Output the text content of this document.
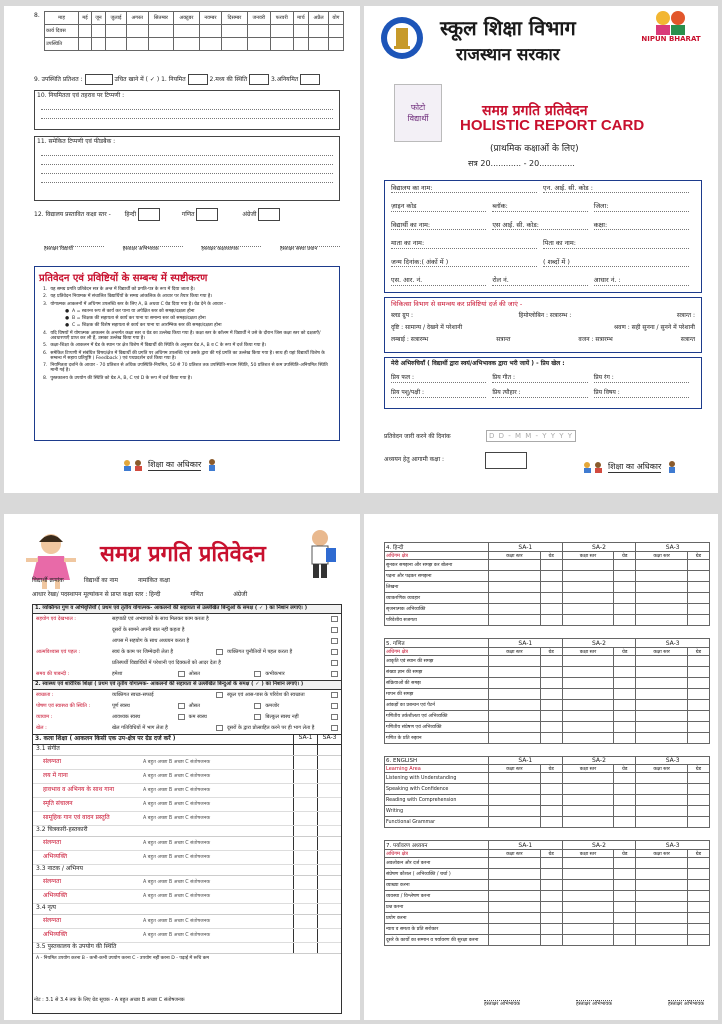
8.	माह	मई	जून	जुलाई	अगस्त	सितम्बर	अक्टूबर	नवम्बर	दिसम्बर	जनवरी	फरवरी	मार्च	अप्रैल	योग
कार्य दिवस													
उपस्थिति													
9. उपस्थिति प्रतिशत :	उचित खाने में ( ✓ ) 1. नियमित	2.मध्य की स्थिति	3.अनियमित
10. नियमितता एवं तहराव पर टिप्पणी :
11. समेकित टिप्पणी एवं फीडबैक :
12. विद्यालय प्रस्तावित कक्षा स्तर - हिन्दी	गणित	अंग्रेजी
हस्ताक्षर विद्यार्थी	हस्ताक्षर अभिभावक	हस्ताक्षर कक्षाध्यापक	हस्ताक्षर संस्था प्रधान
प्रतिवेदन एवं प्रविष्टियों के सम्बन्ध में स्पष्टीकरण
1. यह समग्र प्रगति प्रतिवेदन सत्र के अन्त में विद्यार्थी को प्रगति-पत्र के रूप में दिया जाता है।
2. यह प्रतिवेदन नियामक में संचालित विद्यार्थियों के समग्र आंकलिक के आधार पर तैयार किया गया है।
3. योगात्मक आकलनों में अधिगम उपलब्धि स्तर के लिए A, B अथवा C ग्रेड दिया गया है। ग्रेड देने के आधार -
● A = स्वतन्त्र रूप से कार्य कर पाना या अपेक्षित स्तर को समझ/दक्षता होना
● B = शिक्षक की सहायता से कार्य कर पाना या समान्य स्तर को समझ/दक्षता होना
● C = शिक्षक की विशेष सहायता से कार्य कर पाना या आरम्भिक स्तर की समझ/दक्षता होना
4. यदि विषयों में योगात्मक आकलन के अन्तर्गत कक्षा स्तर व ग्रेड का उल्लेख किया गया है। कक्षा स्तर के कॉलम में विद्यार्थी ने उसे के दौरान जिस कक्षा स्तर को दक्षताएँ/अवधारणाएँ प्राप्त कर ली हैं, उसका उल्लेख किया गया है।
5. कक्षा-शिक्षा के आकलन में ग्रेड के स्थान पर क्षेत्र विशेष में विद्यार्थी की स्थिति के अनुसार ग्रेड A, B व C के रूप में दर्ज किया गया है।
6. समेकित टिप्पणी में संबंधित विषय/क्षेत्र में विद्यार्थी की प्रगति पर अधिगम उपलब्धि एवं उसके द्वारा की गई प्रगति का उल्लेख किया गया है। साथ ही यहां विद्यार्थी विशेष के सम्बन्ध में सहाय प्रतिपुष्टि ( Feedback ) एवं पथप्रदर्शन दर्ज किया गया है।
7. नियमितता दर्शाने के आधार - 70 प्रतिशत से अधिक उपस्थिति-नियमित, 50 से 70 प्रतिशत तक उपस्थिति-मध्यम स्थिति, 50 प्रतिशत से कम उपस्थिति-अनियमित स्थिति मानी गई है।
8. पुस्तकालय के उपयोग की स्थिति को ग्रेड A, B, C एवं D के रूप में दर्ज किया गया है।
शिक्षा का अधिकार
स्कूल शिक्षा विभाग
राजस्थान सरकार
NIPUN BHARAT
फोटो
विद्यार्थी	समग्र प्रगति प्रतिवेदन
HOLISTIC REPORT CARD
(प्राथमिक कक्षाओं के लिए)
सत्र 20............ - 20..............
विद्यालय का नाम:	एन. आई. सी. कोड :
ज़ाइन कोड	ब्लॉक:	जिला:
विद्यार्थी का नाम:	एस आई. सी. कोड:	कक्षा:
माता का नाम:	पिता का नाम:
जन्म दिनांक:( अंकों में )	( शब्दों में )
एस. आर. नं.	रोल नं.	आधार नं. :
चिकित्सा विभाग से समन्वय कर प्रविष्टियां दर्ज की जाएं -
ब्लड ग्रुप :	हिमोग्लोबिन : सत्रारम्भ :	सत्रान्त :
दृष्टि : सामान्य / देखने में परेशानी	श्रवण : सही सुनना / सुनने में परेशानी
लम्बाई : सत्रारम्भ	सत्रान्त	वजन : सत्रारम्भ	सत्रान्त
मेरी अभिरुचियाँ ( विद्यार्थी द्वारा स्वयं/अभिभावक द्वारा भरी जायें ) - प्रिय खेल :
प्रिय फल :	प्रिय गीत :	प्रिय रंग :
प्रिय पशु/पक्षी :	प्रिय त्यौहार :	प्रिय विषय :
प्रतिवेदन जारी करने की दिनांक	D D - M M - Y Y Y Y
अध्ययन हेतु आगामी कक्षा :
शिक्षा का अधिकार
समग्र प्रगति प्रतिवेदन
विद्यार्थी क्रमांक	विद्यार्थी का नाम	नामांकित कक्षा
आधार रेखा/ पदस्थापन मूल्यांकन से प्राप्त कक्षा स्तर : हिन्दी	गणित	अंग्रेजी
1. व्यक्तिगत गुण व अभिवृत्तियाँ ( प्रथम एवं तृतीय योगात्मक- आकलनों की सहायता से उल्लेखित बिन्दुओं के समक्ष ( ✓ ) का निशान लगाएं। )
सहयोग एवं देखभाल :	सहपाठी एवं अभ्यापकों के साथ मिलकर काम करता है
दूसरों के सामने अपनी बात नहीं कहता है
आपस में सहयोग के साथ अध्ययन करता है
आत्मविश्वास एवं पहल :	स्वयं के काम पर जिम्मेदारी लेता है	व्यक्तिगत चुनौतियों में पहल करता है
प्रतिस्पर्धी विद्यार्थियों में परेशानी एवं दिक्कतों को आदर देता है
समय की पाबन्दी :	हमेशा	ओसत	कभीकभार
2. स्वास्थ्य एवं शारीरिक शिक्षा ( प्रथम एवं तृतीय योगात्मक- आकलनों की सहायता से उल्लेखित बिन्दुओं के समक्ष ( ✓ ) का निशान लगाएं। )
स्वच्छता :	व्यक्तिगत स्वच्छ-सफाई	स्कूल एवं आस-पास के परिवेश की स्वच्छता
पोषण एवं स्वास्थ्य की स्थिति :	पूर्ण स्वस्थ	औसत	कमजोर
व्यायाम :	आवश्यक स्वस्थ	कम स्वस्थ	बिल्कुल स्वस्थ नहीं
खेल :	खेल गतिविधियों में भाग लेता है	दूसरों के द्वारा प्रोत्साहित करने पर ही भाग लेता है
3. कला शिक्षा ( आकलन किसी एक उप-क्षेत्र पर ग्रेड दर्ज करें )	SA-1	SA-3
3.1 संगीत
संलग्नता	A बहुत अच्छा B अच्छा C संतोषजनक
लय में गाना	A बहुत अच्छा B अच्छा C संतोषजनक
हावभाव व अभिनय के साथ गाना	A बहुत अच्छा B अच्छा C संतोषजनक
स्मृति संचालन	A बहुत अच्छा B अच्छा C संतोषजनक
सामूहिक गान एवं वादन प्रस्तुति	A बहुत अच्छा B अच्छा C संतोषजनक
3.2 चित्रकारी-हस्तकारी
संलग्नता	A बहुत अच्छा B अच्छा C संतोषजनक
अभिव्यक्ति	A बहुत अच्छा B अच्छा C संतोषजनक
3.3 नाटक / अभिनय
संलग्नता	A बहुत अच्छा B अच्छा C संतोषजनक
अभिव्यक्ति	A बहुत अच्छा B अच्छा C संतोषजनक
3.4 नृत्य
संलग्नता	A बहुत अच्छा B अच्छा C संतोषजनक
अभिव्यक्ति	A बहुत अच्छा B अच्छा C संतोषजनक
3.5 पुस्तकालय के उपयोग की स्थिति
A - नियमित उपयोग करना B - कभी-कभी उपयोग करना C - उपयोग नहीं करना D - पढ़ाई में रूचि कम
नोट : 3.1 से 3.4 तक के लिए ग्रेड सूचक - A बहुत अच्छा B अच्छा C संतोषजनक
4. हिन्दी	SA-1		SA-2		SA-3	
अधिगम क्षेत्र	कक्षा स्तर	ग्रेड	कक्षा स्तर	ग्रेड	कक्षा स्तर	ग्रेड
सुनकर समझना और समझ कर बोलना						
पढ़ना और पढ़कर समझना						
लिखना						
व्याकरणिक व्यवहार						
सृजनात्मक अभिव्यक्ति						
परिवेशीय सजगता						
5. गणित	SA-1		SA-2		SA-3	
अधिगम क्षेत्र	कक्षा स्तर	ग्रेड	कक्षा स्तर	ग्रेड	कक्षा स्तर	ग्रेड
आकृति एवं स्थान की समझ						
संख्या ज्ञान की समझ						
संक्रियाओं की समझ						
मापन की समझ						
आंकड़ों का प्रबन्धन एवं पैटर्न						
गणितीय तर्कशीलता एवं अभिव्यक्ति						
गणितीय संप्रेषण एवं अभिव्यक्ति						
गणित के प्रति रुझान						
6. ENGLISH	SA-1		SA-2		SA-3	
Learning Area	कक्षा स्तर	ग्रेड	कक्षा स्तर	ग्रेड	कक्षा स्तर	ग्रेड
Listening with Understanding						
Speaking with Confidence						
Reading with Comprehension						
Writing						
Functional Grammar						
7. पर्यावरण अध्ययन	SA-1		SA-2		SA-3	
अधिगम क्षेत्र	कक्षा स्तर	ग्रेड	कक्षा स्तर	ग्रेड	कक्षा स्तर	ग्रेड
अवलोकन और दर्ज करना						
संप्रेषण कौशल ( अभिव्यक्ति / चर्चा )						
व्याख्या करना						
व्यवस्था / विश्लेषण करना						
प्रश्न करना						
प्रयोग करना						
न्याय व समता के प्रति सरोकार						
दूसरे के कार्यों का सम्मान व पर्यावरण की सुरक्षा करना						
हस्ताक्षर अभिभावक	हस्ताक्षर अभिभावक	हस्ताक्षर अभिभावक
